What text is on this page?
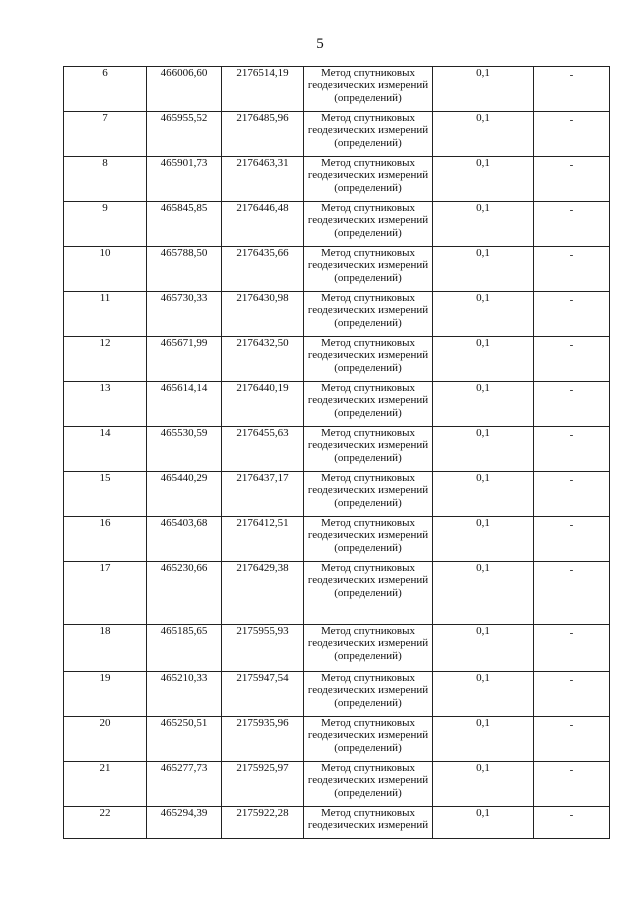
5
6	466006,60	2176514,19	Метод спутниковых
геодезических измерений
(определений)	0,1	-
7	465955,52	2176485,96	Метод спутниковых
геодезических измерений
(определений)	0,1	-
8	465901,73	2176463,31	Метод спутниковых
геодезических измерений
(определений)	0,1	-
9	465845,85	2176446,48	Метод спутниковых
геодезических измерений
(определений)	0,1	-
10	465788,50	2176435,66	Метод спутниковых
геодезических измерений
(определений)	0,1	-
11	465730,33	2176430,98	Метод спутниковых
геодезических измерений
(определений)	0,1	-
12	465671,99	2176432,50	Метод спутниковых
геодезических измерений
(определений)	0,1	-
13	465614,14	2176440,19	Метод спутниковых
геодезических измерений
(определений)	0,1	-
14	465530,59	2176455,63	Метод спутниковых
геодезических измерений
(определений)	0,1	-
15	465440,29	2176437,17	Метод спутниковых
геодезических измерений
(определений)	0,1	-
16	465403,68	2176412,51	Метод спутниковых
геодезических измерений
(определений)	0,1	-
17	465230,66	2176429,38	Метод спутниковых
геодезических измерений
(определений)	0,1	-
18	465185,65	2175955,93	Метод спутниковых
геодезических измерений
(определений)	0,1	-
19	465210,33	2175947,54	Метод спутниковых
геодезических измерений
(определений)	0,1	-
20	465250,51	2175935,96	Метод спутниковых
геодезических измерений
(определений)	0,1	-
21	465277,73	2175925,97	Метод спутниковых
геодезических измерений
(определений)	0,1	-
22	465294,39	2175922,28	Метод спутниковых
геодезических измерений	0,1	-
